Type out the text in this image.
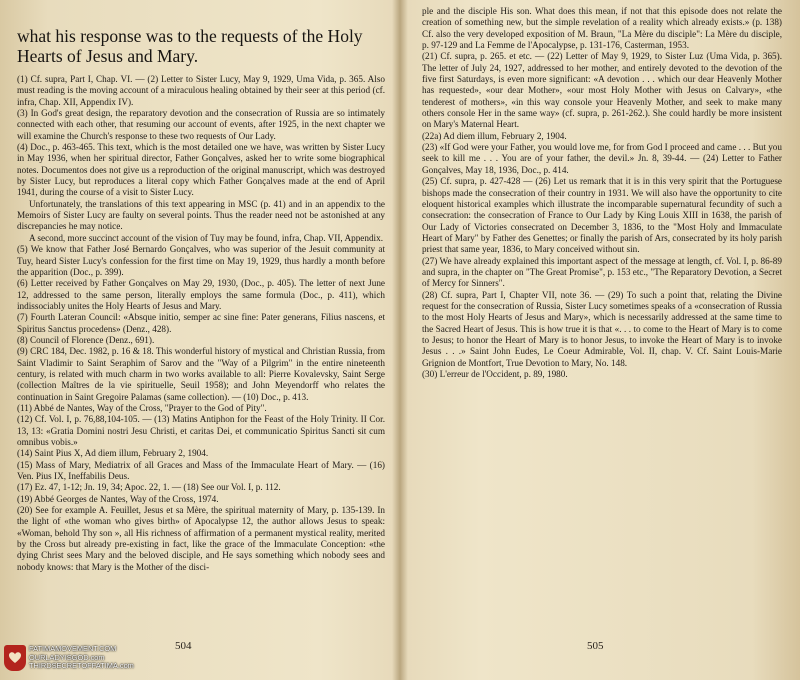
what his response was to the requests of the Holy Hearts of Jesus and Mary.

(1) Cf. supra, Part I, Chap. VI. — (2) Letter to Sister Lucy, May 9, 1929, Uma Vida, p. 365. Also must reading is the moving account of a miraculous healing obtained by their seer at this period (cf. infra, Chap. XII, Appendix IV).

(3) In God's great design, the reparatory devotion and the consecration of Russia are so intimately connected with each other, that resuming our account of events, after 1925, in the next chapter we will examine the Church's response to these two requests of Our Lady.

(4) Doc., p. 463-465. This text, which is the most detailed one we have, was written by Sister Lucy in May 1936, when her spiritual director, Father Gonçalves, asked her to write some biographical notes. Documentos does not give us a reproduction of the original manuscript, which was destroyed by Sister Lucy, but reproduces a literal copy which Father Gonçalves made at the end of April 1941, during the course of a visit to Sister Lucy.

Unfortunately, the translations of this text appearing in MSC (p. 41) and in an appendix to the Memoirs of Sister Lucy are faulty on several points. Thus the reader need not be astonished at any discrepancies he may notice.

A second, more succinct account of the vision of Tuy may be found, infra, Chap. VII, Appendix.

(5) We know that Father José Bernardo Gonçalves, who was superior of the Jesuit community at Tuy, heard Sister Lucy's confession for the first time on May 19, 1929, thus hardly a month before the apparition (Doc., p. 399).

(6) Letter received by Father Gonçalves on May 29, 1930, (Doc., p. 405). The letter of next June 12, addressed to the same person, literally employs the same formula (Doc., p. 411), which indissociably unites the Holy Hearts of Jesus and Mary.

(7) Fourth Lateran Council: «Absque initio, semper ac sine fine: Pater generans, Filius nascens, et Spiritus Sanctus procedens» (Denz., 428).

(8) Council of Florence (Denz., 691).

(9) CRC 184, Dec. 1982, p. 16 & 18. This wonderful history of mystical and Christian Russia, from Saint Vladimir to Saint Seraphim of Sarov and the "Way of a Pilgrim" in the entire nineteenth century, is related with much charm in two works available to all: Pierre Kovalevsky, Saint Serge (collection Maîtres de la vie spirituelle, Seuil 1958); and John Meyendorff who relates the continuation in Saint Gregoire Palamas (same collection). — (10) Doc., p. 413.

(11) Abbé de Nantes, Way of the Cross, "Prayer to the God of Pity".

(12) Cf. Vol. I, p. 76,88,104-105. — (13) Matins Antiphon for the Feast of the Holy Trinity. II Cor. 13, 13: «Gratia Domini nostri Jesu Christi, et caritas Dei, et communicatio Spiritus Sancti sit cum omnibus vobis.»

(14) Saint Pius X, Ad diem illum, February 2, 1904.

(15) Mass of Mary, Mediatrix of all Graces and Mass of the Immaculate Heart of Mary. — (16) Ven. Pius IX, Ineffabilis Deus.

(17) Ez. 47, 1-12; Jn. 19, 34; Apoc. 22, 1. — (18) See our Vol. I, p. 112.

(19) Abbé Georges de Nantes, Way of the Cross, 1974.

(20) See for example A. Feuillet, Jesus et sa Mère, the spiritual maternity of Mary, p. 135-139. In the light of «the woman who gives birth» of Apocalypse 12, the author allows Jesus to speak: «Woman, behold Thy son », all His richness of affirmation of a permanent mystical reality, merited by the Cross but already pre-existing in fact, like the grace of the Immaculate Conception: «the dying Christ sees Mary and the beloved disciple, and He says something which nobody sees and nobody knows: that Mary is the Mother of the disci-

504
FATIMAMOVEMENT.COM
OURLADYISGOD.com
THIRDSECRETOFFATIMA.com

ple and the disciple His son. What does this mean, if not that this episode does not relate the creation of something new, but the simple revelation of a reality which already exists.» (p. 138) Cf. also the very developed exposition of M. Braun, "La Mère du disciple": La Mère du disciple, p. 97-129 and La Femme de l'Apocalypse, p. 131-176, Casterman, 1953.

(21) Cf. supra, p. 265. et etc. — (22) Letter of May 9, 1929, to Sister Luz (Uma Vida, p. 365). The letter of July 24, 1927, addressed to her mother, and entirely devoted to the devotion of the five first Saturdays, is even more significant: «A devotion . . . which our dear Heavenly Mother has requested», «our dear Mother», «our most Holy Mother with Jesus on Calvary», «the tenderest of mothers», «in this way console your Heavenly Mother, and seek to make many others console Her in the same way» (cf. supra, p. 261-262.). She could hardly be more insistent on Mary's Maternal Heart.

(22a) Ad diem illum, February 2, 1904.

(23) «If God were your Father, you would love me, for from God I proceed and came . . . But you seek to kill me . . . You are of your father, the devil.» Jn. 8, 39-44. — (24) Letter to Father Gonçalves, May 18, 1936, Doc., p. 414.

(25) Cf. supra, p. 427-428 — (26) Let us remark that it is in this very spirit that the Portuguese bishops made the consecration of their country in 1931. We will also have the opportunity to cite eloquent historical examples which illustrate the incomparable supernatural fecundity of such a consecration: the consecration of France to Our Lady by King Louis XIII in 1638, the parish of Our Lady of Victories consecrated on December 3, 1836, to the "Most Holy and Immaculate Heart of Mary" by Father des Genettes; or finally the parish of Ars, consecrated by its holy parish priest that same year, 1836, to Mary conceived without sin.

(27) We have already explained this important aspect of the message at length, cf. Vol. I, p. 86-89 and supra, in the chapter on "The Great Promise", p. 153 etc., "The Reparatory Devotion, a Secret of Mercy for Sinners".

(28) Cf. supra, Part I, Chapter VII, note 36. — (29) To such a point that, relating the Divine request for the consecration of Russia, Sister Lucy sometimes speaks of a «consecration of Russia to the most Holy Hearts of Jesus and Mary», which is necessarily addressed at the same time to the Sacred Heart of Jesus. This is how true it is that «. . . to come to the Heart of Mary is to come to Jesus; to honor the Heart of Mary is to honor Jesus, to invoke the Heart of Mary is to invoke Jesus . . .» Saint John Eudes, Le Coeur Admirable, Vol. II, chap. V. Cf. Saint Louis-Marie Grignion de Montfort, True Devotion to Mary, No. 148.

(30) L'erreur de l'Occident, p. 89, 1980.

505
